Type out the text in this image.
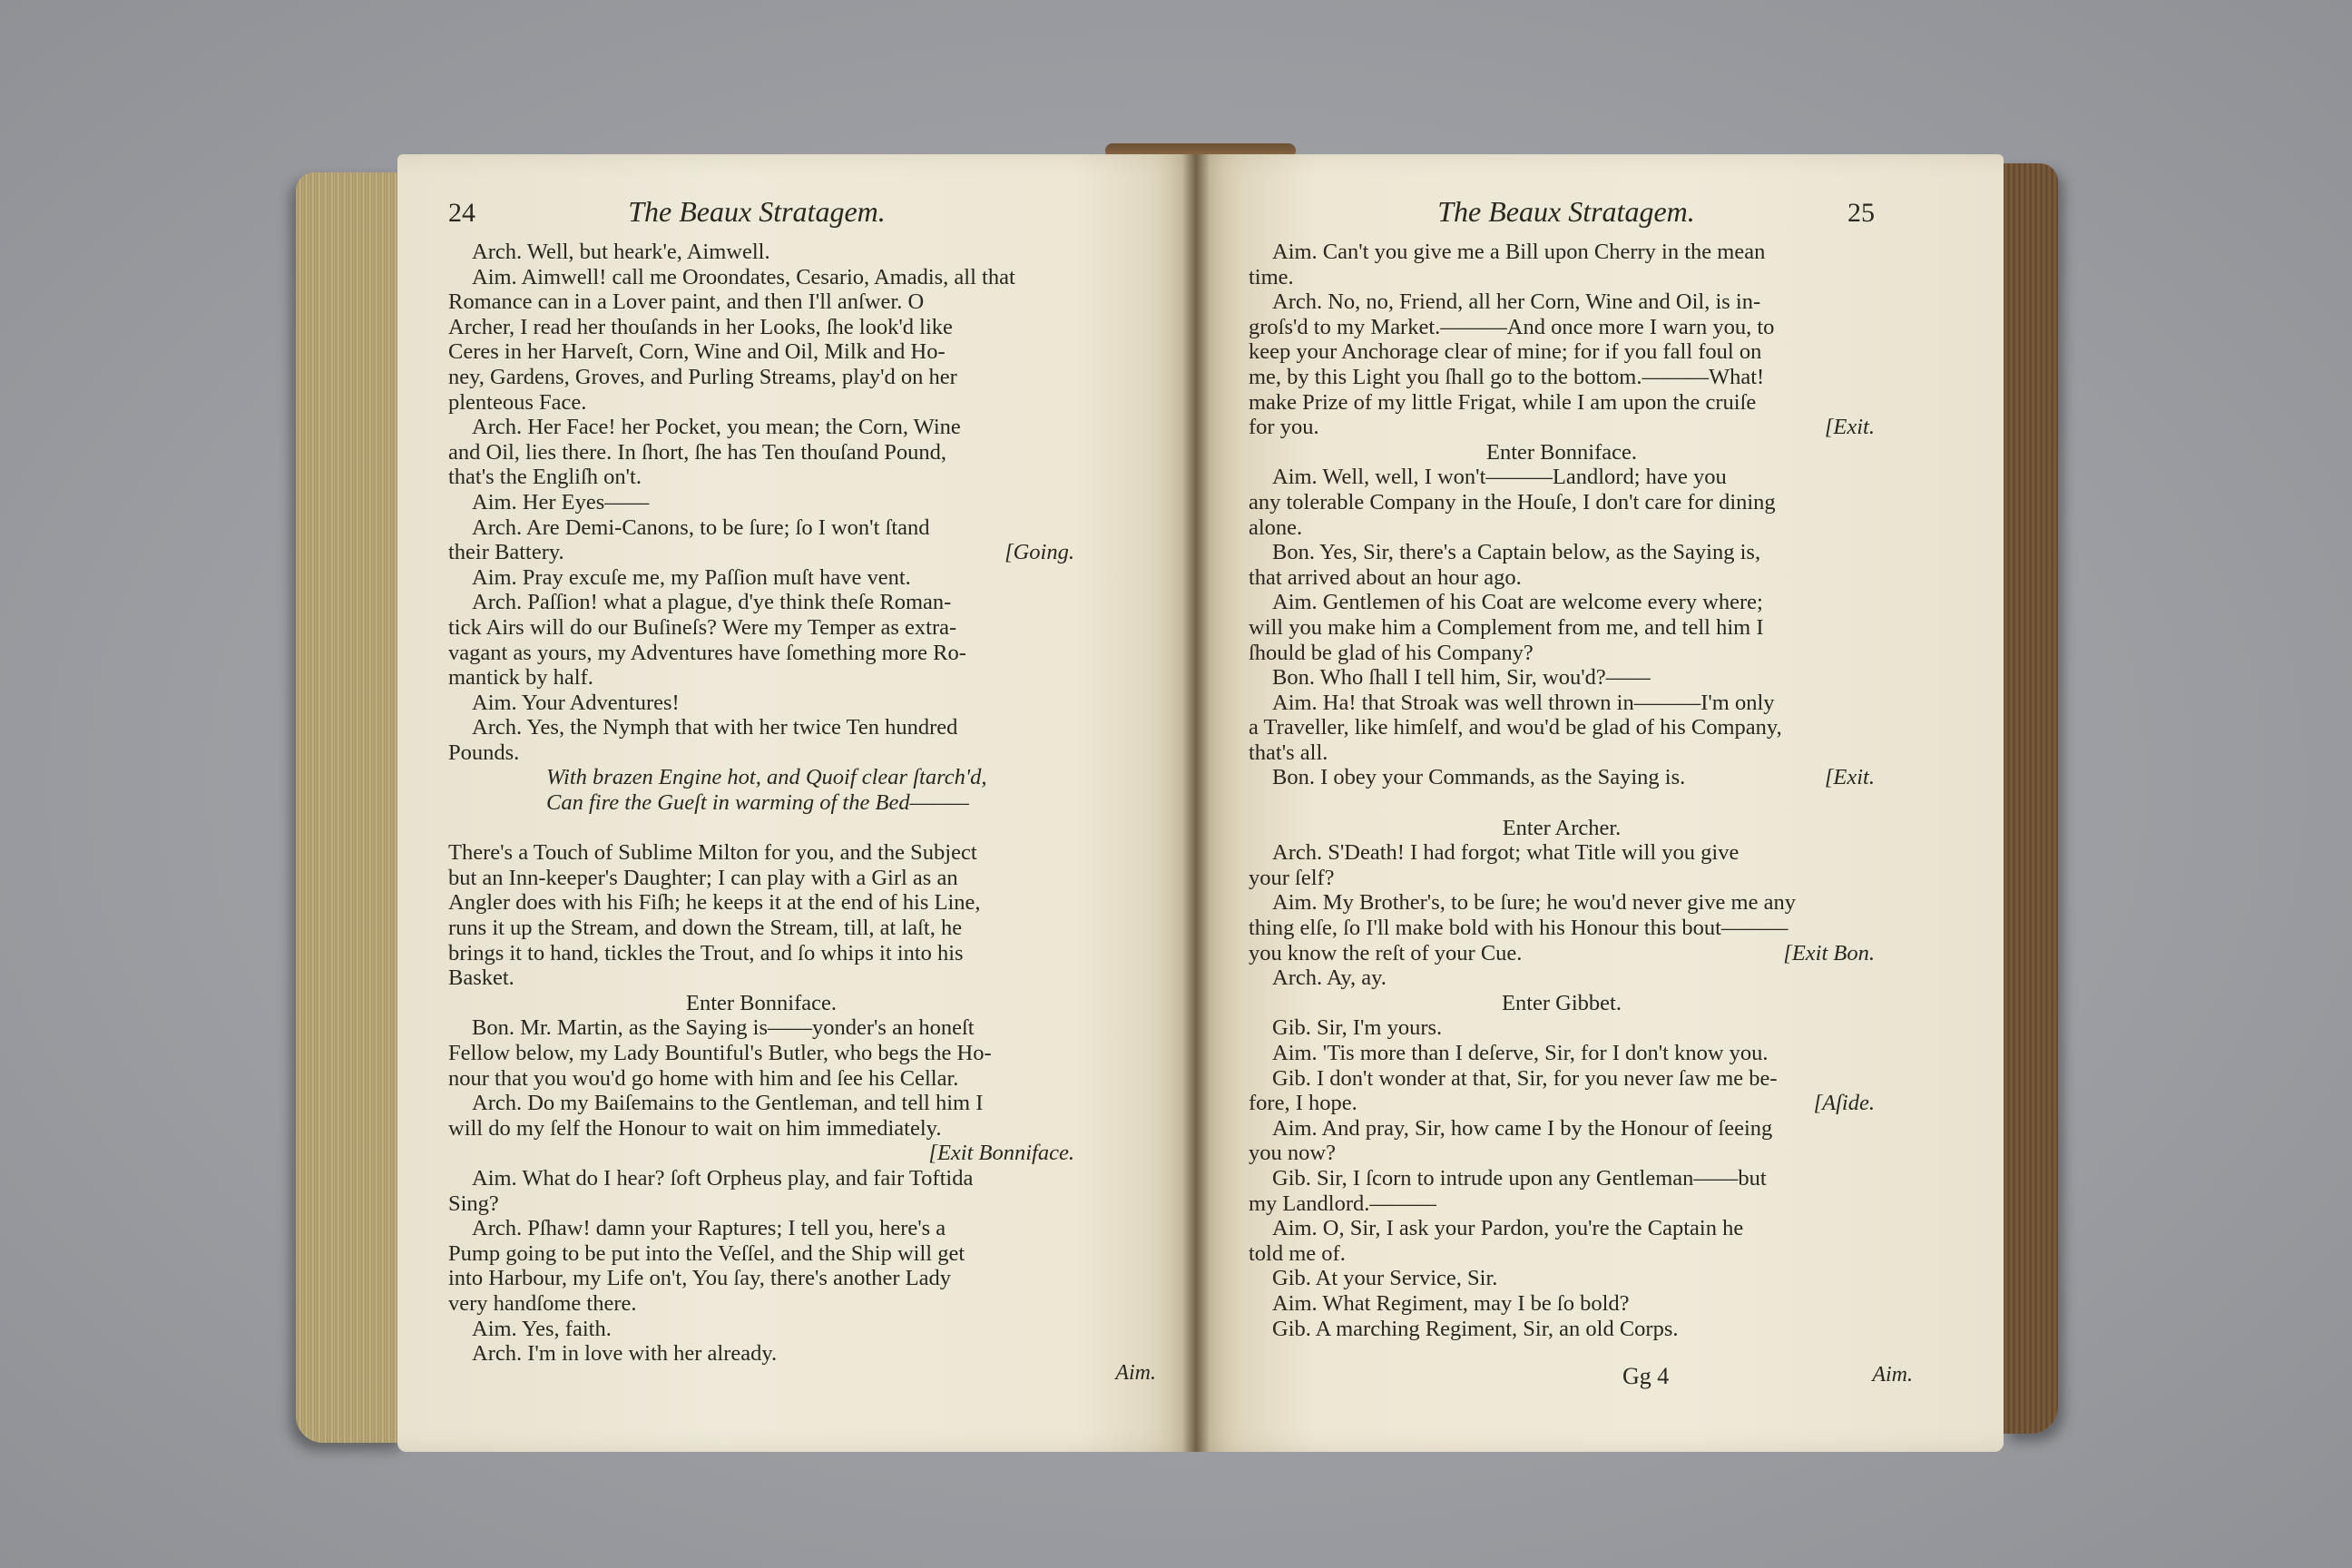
24	The Beaux Stratagem.
Arch. Well, but heark'e, Aimwell.
Aim. Aimwell! call me Oroondates, Cesario, Amadis, all that
Romance can in a Lover paint, and then I'll anſwer. O
Archer, I read her thouſands in her Looks, ſhe look'd like
Ceres in her Harveſt, Corn, Wine and Oil, Milk and Ho-
ney, Gardens, Groves, and Purling Streams, play'd on her
plenteous Face.
Arch. Her Face! her Pocket, you mean; the Corn, Wine
and Oil, lies there. In ſhort, ſhe has Ten thouſand Pound,
that's the Engliſh on't.
Aim. Her Eyes——
Arch. Are Demi-Canons, to be ſure; ſo I won't ſtand
[Going.
their Battery.
Aim. Pray excuſe me, my Paſſion muſt have vent.
Arch. Paſſion! what a plague, d'ye think theſe Roman-
tick Airs will do our Buſineſs? Were my Temper as extra-
vagant as yours, my Adventures have ſomething more Ro-
mantick by half.
Aim. Your Adventures!
Arch. Yes, the Nymph that with her twice Ten hundred
Pounds.
With brazen Engine hot, and Quoif clear ſtarch'd,
Can fire the Gueſt in warming of the Bed———
There's a Touch of Sublime Milton for you, and the Subject
but an Inn-keeper's Daughter; I can play with a Girl as an
Angler does with his Fiſh; he keeps it at the end of his Line,
runs it up the Stream, and down the Stream, till, at laſt, he
brings it to hand, tickles the Trout, and ſo whips it into his
Basket.
Enter Bonniface.
Bon. Mr. Martin, as the Saying is——yonder's an honeſt
Fellow below, my Lady Bountiful's Butler, who begs the Ho-
nour that you wou'd go home with him and ſee his Cellar.
Arch. Do my Baiſemains to the Gentleman, and tell him I
will do my ſelf the Honour to wait on him immediately.
[Exit Bonniface.
Aim. What do I hear? ſoft Orpheus play, and fair Toftida
Sing?
Arch. Pſhaw! damn your Raptures; I tell you, here's a
Pump going to be put into the Veſſel, and the Ship will get
into Harbour, my Life on't, You ſay, there's another Lady
very handſome there.
Aim. Yes, faith.
Arch. I'm in love with her already.
Aim.
The Beaux Stratagem.	25
Aim. Can't you give me a Bill upon Cherry in the mean
time.
Arch. No, no, Friend, all her Corn, Wine and Oil, is in-
groſs'd to my Market.———And once more I warn you, to
keep your Anchorage clear of mine; for if you fall foul on
me, by this Light you ſhall go to the bottom.———What!
make Prize of my little Frigat, while I am upon the cruiſe
[Exit.
for you.
Enter Bonniface.
Aim. Well, well, I won't———Landlord; have you
any tolerable Company in the Houſe, I don't care for dining
alone.
Bon. Yes, Sir, there's a Captain below, as the Saying is,
that arrived about an hour ago.
Aim. Gentlemen of his Coat are welcome every where;
will you make him a Complement from me, and tell him I
ſhould be glad of his Company?
Bon. Who ſhall I tell him, Sir, wou'd?——
Aim. Ha! that Stroak was well thrown in———I'm only
a Traveller, like himſelf, and wou'd be glad of his Company,
that's all.
[Exit.
Bon. I obey your Commands, as the Saying is.
Enter Archer.
Arch. S'Death! I had forgot; what Title will you give
your ſelf?
Aim. My Brother's, to be ſure; he wou'd never give me any
thing elſe, ſo I'll make bold with his Honour this bout———
[Exit Bon.
you know the reſt of your Cue.
Arch. Ay, ay.
Enter Gibbet.
Gib. Sir, I'm yours.
Aim. 'Tis more than I deſerve, Sir, for I don't know you.
Gib. I don't wonder at that, Sir, for you never ſaw me be-
[Aſide.
fore, I hope.
Aim. And pray, Sir, how came I by the Honour of ſeeing
you now?
Gib. Sir, I ſcorn to intrude upon any Gentleman——but
my Landlord.———
Aim. O, Sir, I ask your Pardon, you're the Captain he
told me of.
Gib. At your Service, Sir.
Aim. What Regiment, may I be ſo bold?
Gib. A marching Regiment, Sir, an old Corps.
Gg 4	Aim.
